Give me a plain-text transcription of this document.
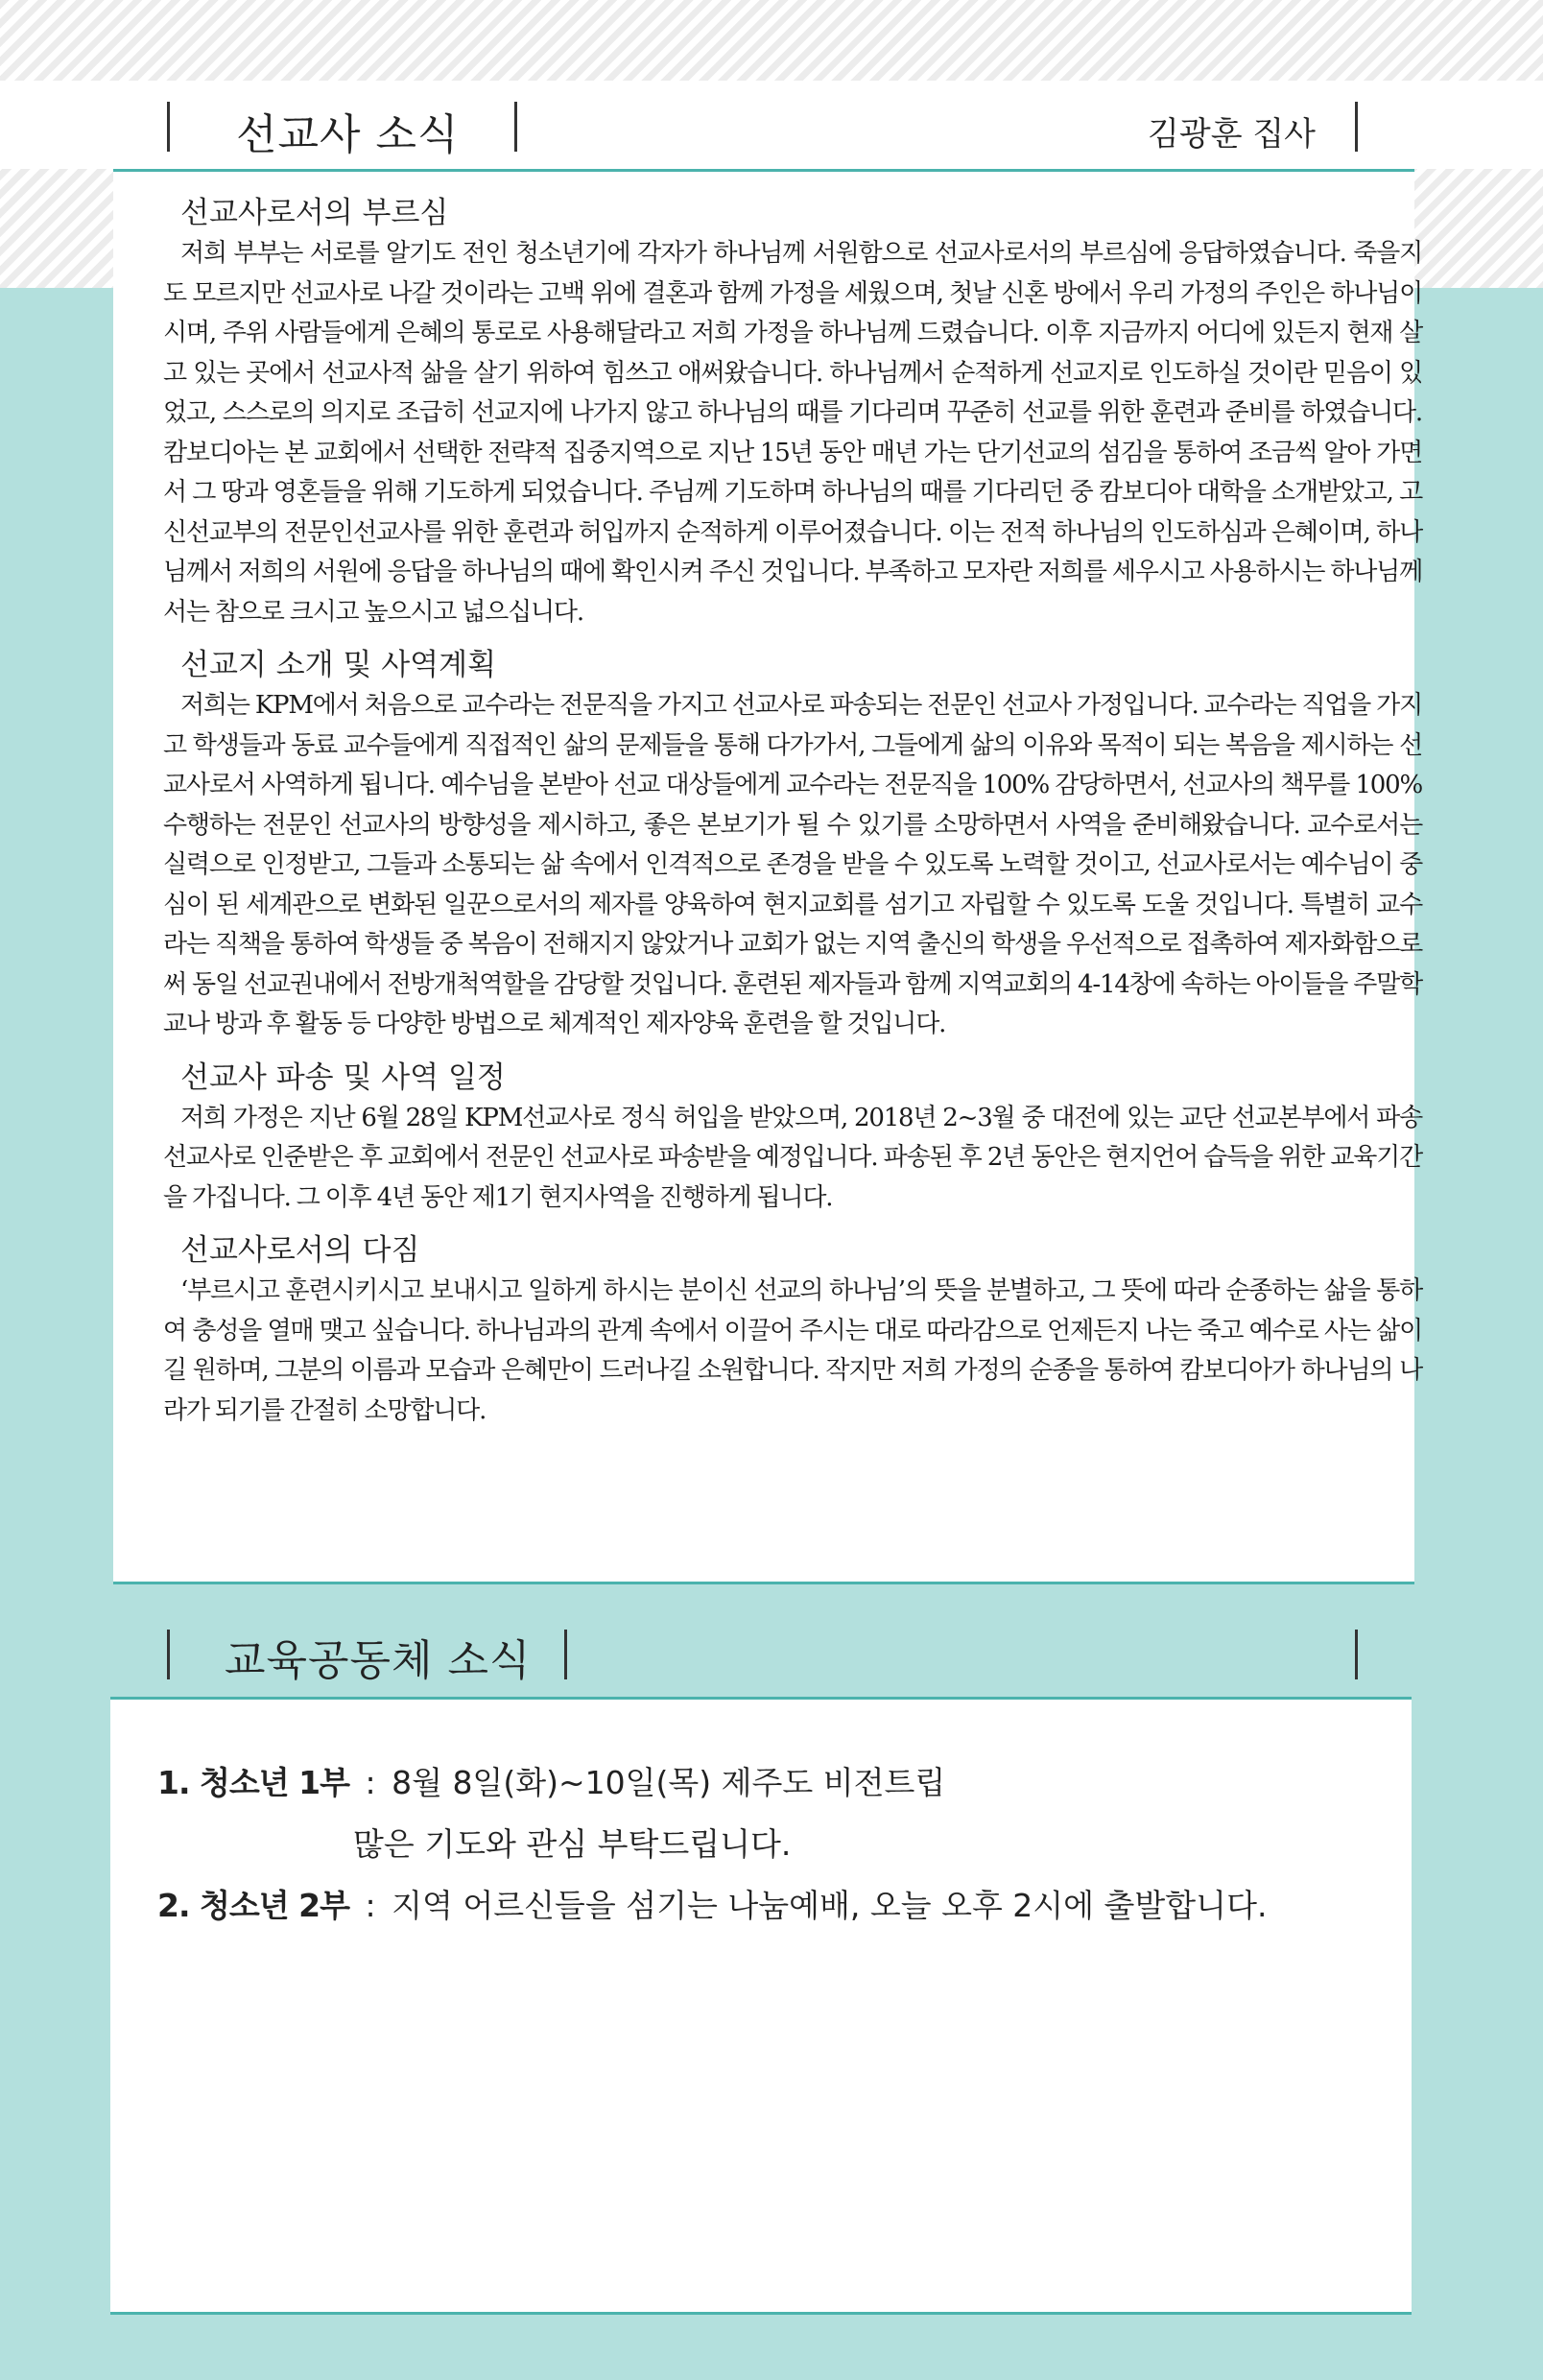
선교사 소식	김광훈 집사
선교사로서의 부르심

저희 부부는 서로를 알기도 전인 청소년기에 각자가 하나님께 서원함으로 선교사로서의 부르심에 응답하였습니다. 죽을지도 모르지만 선교사로 나갈 것이라는 고백 위에 결혼과 함께 가정을 세웠으며, 첫날 신혼 방에서 우리 가정의 주인은 하나님이시며, 주위 사람들에게 은혜의 통로로 사용해달라고 저희 가정을 하나님께 드렸습니다. 이후 지금까지 어디에 있든지 현재 살고 있는 곳에서 선교사적 삶을 살기 위하여 힘쓰고 애써왔습니다. 하나님께서 순적하게 선교지로 인도하실 것이란 믿음이 있었고, 스스로의 의지로 조급히 선교지에 나가지 않고 하나님의 때를 기다리며 꾸준히 선교를 위한 훈련과 준비를 하였습니다. 캄보디아는 본 교회에서 선택한 전략적 집중지역으로 지난 15년 동안 매년 가는 단기선교의 섬김을 통하여 조금씩 알아 가면서 그 땅과 영혼들을 위해 기도하게 되었습니다. 주님께 기도하며 하나님의 때를 기다리던 중 캄보디아 대학을 소개받았고, 고신선교부의 전문인선교사를 위한 훈련과 허입까지 순적하게 이루어졌습니다. 이는 전적 하나님의 인도하심과 은혜이며, 하나님께서 저희의 서원에 응답을 하나님의 때에 확인시켜 주신 것입니다. 부족하고 모자란 저희를 세우시고 사용하시는 하나님께서는 참으로 크시고 높으시고 넓으십니다.

선교지 소개 및 사역계획

저희는 KPM에서 처음으로 교수라는 전문직을 가지고 선교사로 파송되는 전문인 선교사 가정입니다. 교수라는 직업을 가지고 학생들과 동료 교수들에게 직접적인 삶의 문제들을 통해 다가가서, 그들에게 삶의 이유와 목적이 되는 복음을 제시하는 선교사로서 사역하게 됩니다. 예수님을 본받아 선교 대상들에게 교수라는 전문직을 100% 감당하면서, 선교사의 책무를 100% 수행하는 전문인 선교사의 방향성을 제시하고, 좋은 본보기가 될 수 있기를 소망하면서 사역을 준비해왔습니다. 교수로서는 실력으로 인정받고, 그들과 소통되는 삶 속에서 인격적으로 존경을 받을 수 있도록 노력할 것이고, 선교사로서는 예수님이 중심이 된 세계관으로 변화된 일꾼으로서의 제자를 양육하여 현지교회를 섬기고 자립할 수 있도록 도울 것입니다. 특별히 교수라는 직책을 통하여 학생들 중 복음이 전해지지 않았거나 교회가 없는 지역 출신의 학생을 우선적으로 접촉하여 제자화함으로써 동일 선교권내에서 전방개척역할을 감당할 것입니다. 훈련된 제자들과 함께 지역교회의 4-14창에 속하는 아이들을 주말학교나 방과 후 활동 등 다양한 방법으로 체계적인 제자양육 훈련을 할 것입니다.

선교사 파송 및 사역 일정

저희 가정은 지난 6월 28일 KPM선교사로 정식 허입을 받았으며, 2018년 2~3월 중 대전에 있는 교단 선교본부에서 파송 선교사로 인준받은 후 교회에서 전문인 선교사로 파송받을 예정입니다. 파송된 후 2년 동안은 현지언어 습득을 위한 교육기간을 가집니다. 그 이후 4년 동안 제1기 현지사역을 진행하게 됩니다.

선교사로서의 다짐

‘부르시고 훈련시키시고 보내시고 일하게 하시는 분이신 선교의 하나님’의 뜻을 분별하고, 그 뜻에 따라 순종하는 삶을 통하여 충성을 열매 맺고 싶습니다. 하나님과의 관계 속에서 이끌어 주시는 대로 따라감으로 언제든지 나는 죽고 예수로 사는 삶이길 원하며, 그분의 이름과 모습과 은혜만이 드러나길 소원합니다. 작지만 저희 가정의 순종을 통하여 캄보디아가 하나님의 나라가 되기를 간절히 소망합니다.

교육공동체 소식
1. 청소년 1부 : 8월 8일(화)~10일(목) 제주도 비전트립
많은 기도와 관심 부탁드립니다.
2. 청소년 2부 : 지역 어르신들을 섬기는 나눔예배, 오늘 오후 2시에 출발합니다.
